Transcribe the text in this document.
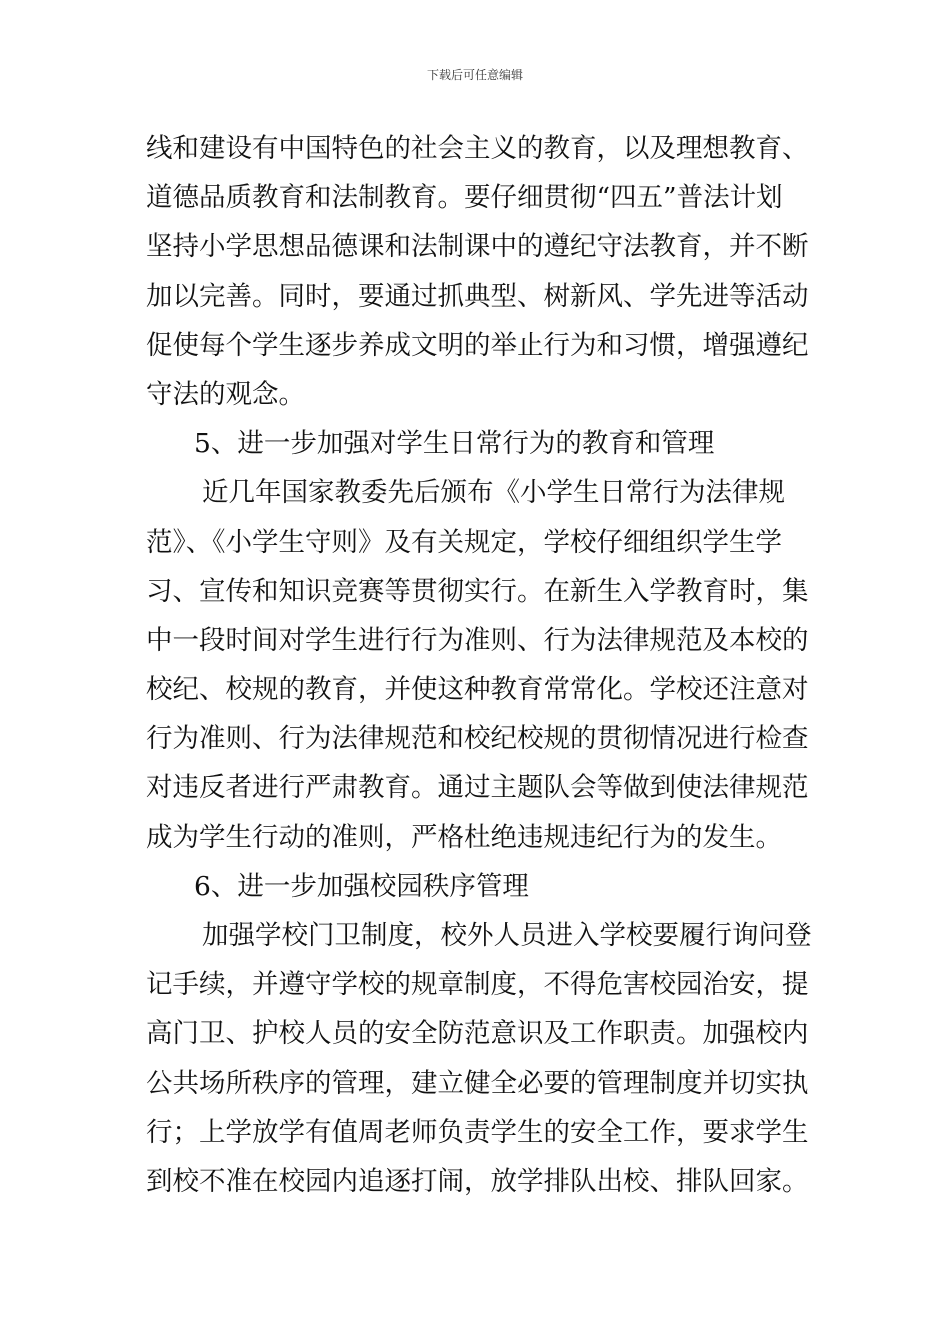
下载后可任意编辑
线和建设有中国特色的社会主义的教育，以及理想教育、
道德品质教育和法制教育。要仔细贯彻“四五”普法计划
坚持小学思想品德课和法制课中的遵纪守法教育，并不断
加以完善。同时，要通过抓典型、树新风、学先进等活动
促使每个学生逐步养成文明的举止行为和习惯，增强遵纪
守法的观念。
5、进一步加强对学生日常行为的教育和管理
近几年国家教委先后颁布《小学生日常行为法律规
范》、《小学生守则》及有关规定，学校仔细组织学生学
习、宣传和知识竞赛等贯彻实行。在新生入学教育时，集
中一段时间对学生进行行为准则、行为法律规范及本校的
校纪、校规的教育，并使这种教育常常化。学校还注意对
行为准则、行为法律规范和校纪校规的贯彻情况进行检查
对违反者进行严肃教育。通过主题队会等做到使法律规范
成为学生行动的准则，严格杜绝违规违纪行为的发生。
6、进一步加强校园秩序管理
加强学校门卫制度，校外人员进入学校要履行询问登
记手续，并遵守学校的规章制度，不得危害校园治安，提
高门卫、护校人员的安全防范意识及工作职责。加强校内
公共场所秩序的管理，建立健全必要的管理制度并切实执
行；上学放学有值周老师负责学生的安全工作，要求学生
到校不准在校园内追逐打闹，放学排队出校、排队回家。
